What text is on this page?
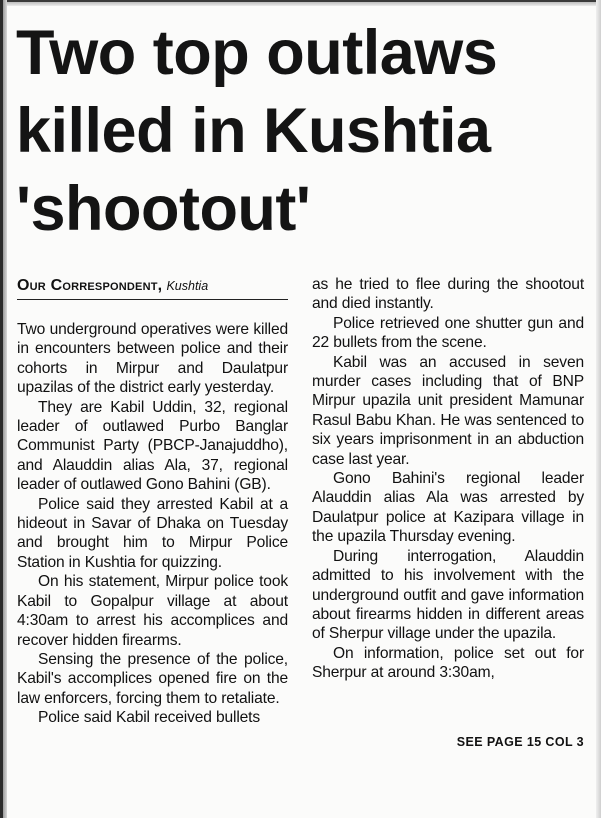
Two top outlaws
killed in Kushtia
'shootout'
Our Correspondent, Kushtia

Two underground operatives were killed in encounters between police and their cohorts in Mirpur and Daulatpur upazilas of the district early yesterday.

They are Kabil Uddin, 32, regional leader of outlawed Purbo Banglar Communist Party (PBCP-Janajuddho), and Alauddin alias Ala, 37, regional leader of outlawed Gono Bahini (GB).

Police said they arrested Kabil at a hideout in Savar of Dhaka on Tuesday and brought him to Mirpur Police Station in Kushtia for quizzing.

On his statement, Mirpur police took Kabil to Gopalpur village at about 4:30am to arrest his accomplices and recover hidden firearms.

Sensing the presence of the police, Kabil's accomplices opened fire on the law enforcers, forcing them to retaliate.

Police said Kabil received bullets

as he tried to flee during the shootout and died instantly.

Police retrieved one shutter gun and 22 bullets from the scene.

Kabil was an accused in seven murder cases including that of BNP Mirpur upazila unit president Mamunar Rasul Babu Khan. He was sentenced to six years imprisonment in an abduction case last year.

Gono Bahini's regional leader Alauddin alias Ala was arrested by Daulatpur police at Kazipara village in the upazila Thursday evening.

During interrogation, Alauddin admitted to his involvement with the underground outfit and gave information about firearms hidden in different areas of Sherpur village under the upazila.

On information, police set out for Sherpur at around 3:30am,

SEE PAGE 15 COL 3
